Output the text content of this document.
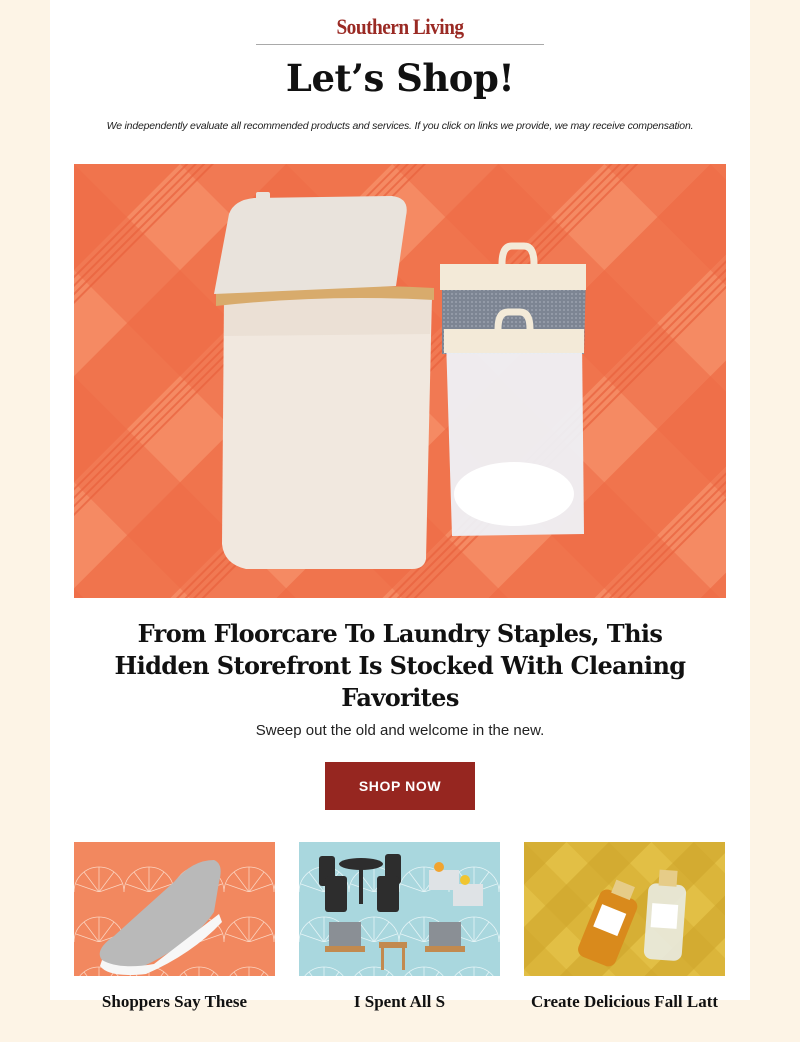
Southern Living
Let’s Shop!
We independently evaluate all recommended products and services. If you click on links we provide, we may receive compensation.
From Floorcare To Laundry Staples, This Hidden Storefront Is Stocked With Cleaning Favorites
Sweep out the old and welcome in the new.
SHOP NOW
Shoppers Say These	I Spent All S	Create Delicious Fall Latt
